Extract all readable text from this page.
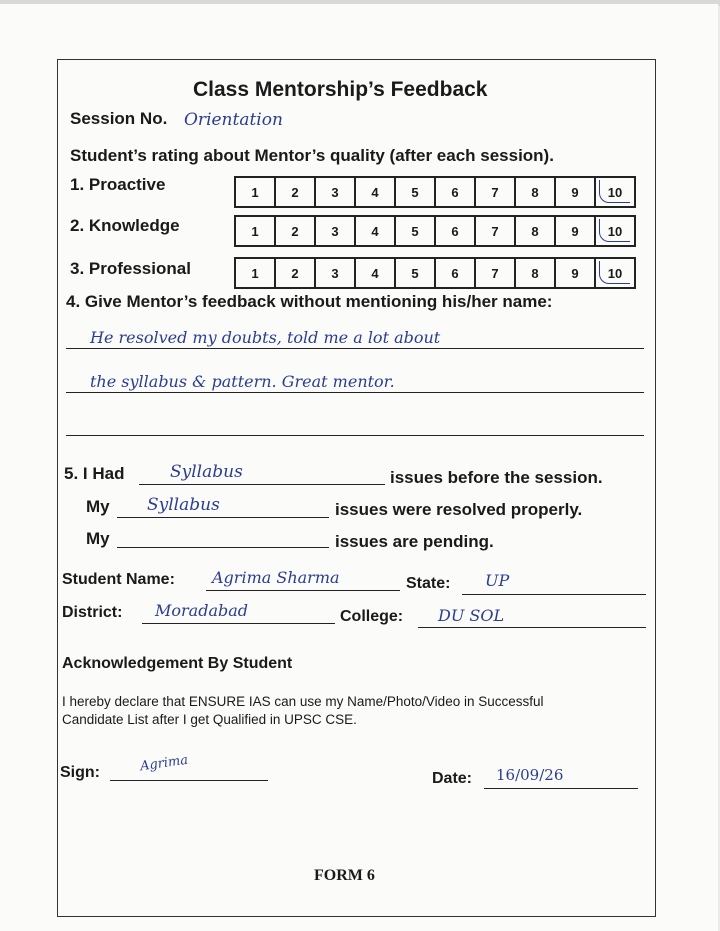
Class Mentorship’s Feedback
Session No. Orientation
Student’s rating about Mentor’s quality (after each session).
1. Proactive	1	2	3	4	5	6	7	8	9 10
2. Knowledge	1	2	3	4	5	6	7	8	9 10
3. Professional	1	2	3	4	5	6	7	8	9 10
4. Give Mentor’s feedback without mentioning his/her name:
He resolved my doubts, told me a lot about
the syllabus & pattern. Great mentor.
5. I Had	Syllabus	issues before the session.
My Syllabus	issues were resolved properly.
My	issues are pending.
Student Name: Agrima Sharma	State: UP
District: Moradabad	College: DU SOL
Acknowledgement By Student
I hereby declare that ENSURE IAS can use my Name/Photo/Video in Successful
Candidate List after I get Qualified in UPSC CSE.
Sign:	Agrima
Date: 16/09/26
FORM 6
